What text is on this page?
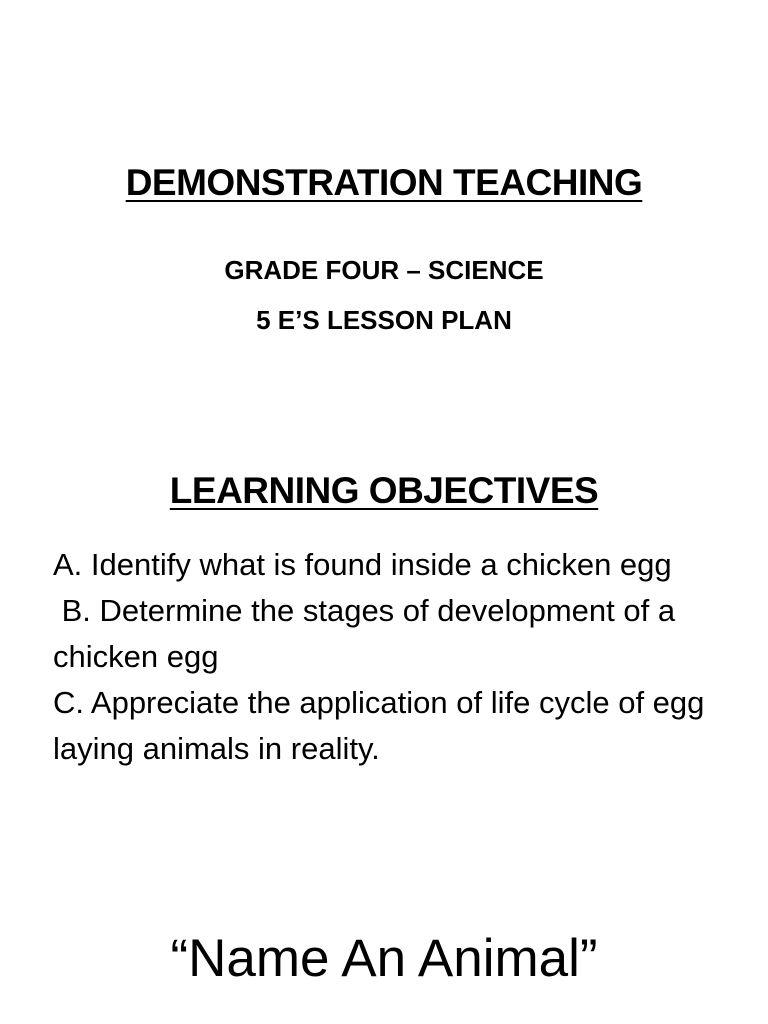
DEMONSTRATION TEACHING
GRADE FOUR – SCIENCE
5 E’S LESSON PLAN
LEARNING OBJECTIVES
A. Identify what is found inside a chicken egg
B. Determine the stages of development of a chicken egg
C. Appreciate the application of life cycle of egg laying animals in reality.
“Name An Animal”
